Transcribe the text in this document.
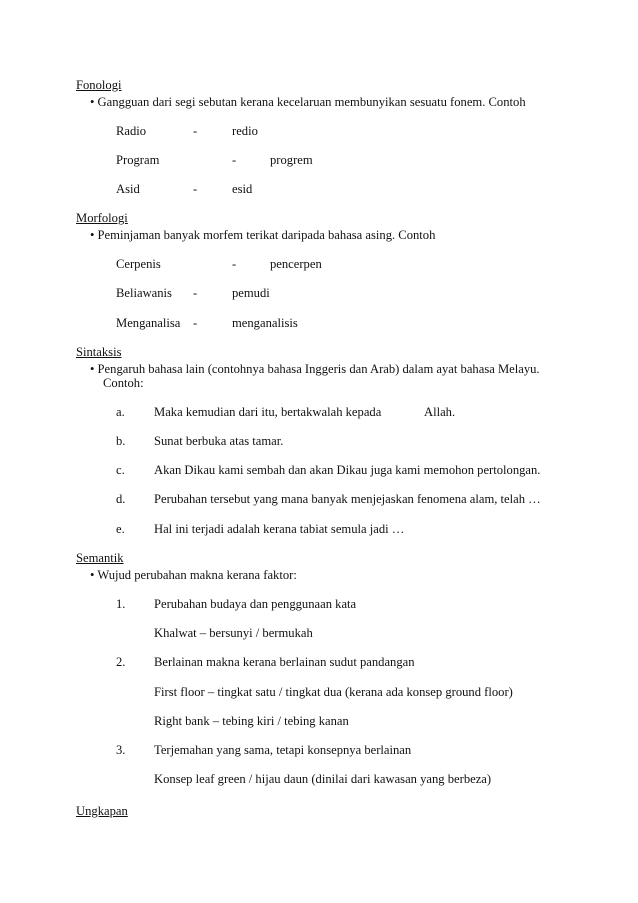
Fonologi
• Gangguan dari segi sebutan kerana kecelaruan membunyikan sesuatu fonem. Contoh
Radio	-	redio
Program	-	progrem
Asid	-	esid
Morfologi
• Peminjaman banyak morfem terikat daripada bahasa asing. Contoh
Cerpenis	-	pencerpen
Beliawanis -	pemudi
Menganalisa -	menganalisis
Sintaksis
• Pengaruh bahasa lain (contohnya bahasa Inggeris dan Arab) dalam ayat bahasa Melayu.
Contoh:
a. Maka kemudian dari itu, bertakwalah kepada	Allah.
b. Sunat berbuka atas tamar.
c. Akan Dikau kami sembah dan akan Dikau juga kami memohon pertolongan.
d. Perubahan tersebut yang mana banyak menjejaskan fenomena alam, telah …
e. Hal ini terjadi adalah kerana tabiat semula jadi …
Semantik
• Wujud perubahan makna kerana faktor:
1. Perubahan budaya dan penggunaan kata
Khalwat – bersunyi / bermukah
2. Berlainan makna kerana berlainan sudut pandangan
First floor – tingkat satu / tingkat dua (kerana ada konsep ground floor)
Right bank – tebing kiri / tebing kanan
3. Terjemahan yang sama, tetapi konsepnya berlainan
Konsep leaf green / hijau daun (dinilai dari kawasan yang berbeza)
Ungkapan
